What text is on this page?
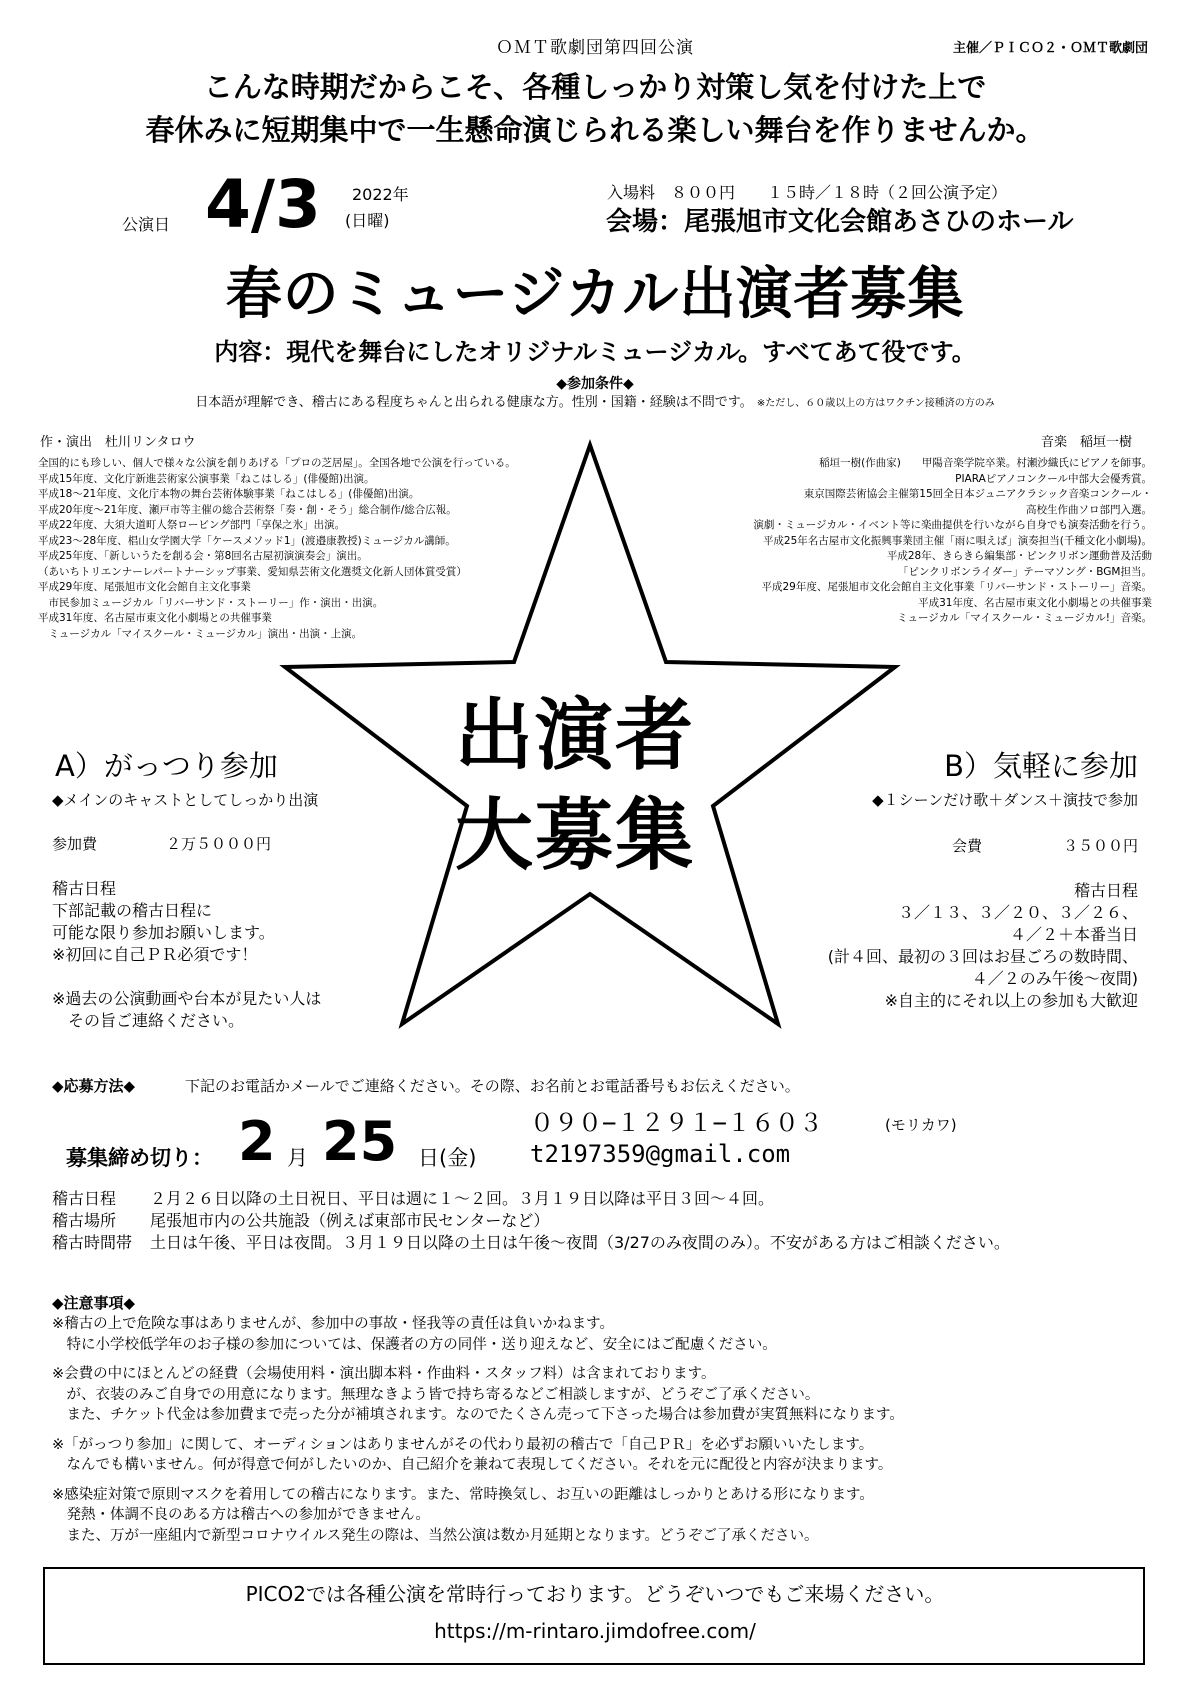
ＯＭＴ歌劇団第四回公演	主催／ＰＩＣＯ２・ＯＭＴ歌劇団
こんな時期だからこそ、各種しっかり対策し気を付けた上で
春休みに短期集中で一生懸命演じられる楽しい舞台を作りませんか。
公演日 4/3 2022年
(日曜)
入場料　８００円　　１５時／１８時（２回公演予定）
会場：尾張旭市文化会館あさひのホール
春のミュージカル出演者募集
内容：現代を舞台にしたオリジナルミュージカル。すべてあて役です。
◆参加条件◆
日本語が理解でき、稽古にある程度ちゃんと出られる健康な方。性別・国籍・経験は不問です。 ※ただし、６０歳以上の方はワクチン接種済の方のみ
作・演出　杜川リンタロウ
全国的にも珍しい、個人で様々な公演を創りあげる「プロの芝居屋」。全国各地で公演を行っている。
平成15年度、文化庁新進芸術家公演事業「ねこはしる」(俳優館)出演。
平成18〜21年度、文化庁本物の舞台芸術体験事業「ねこはしる」(俳優館)出演。
平成20年度〜21年度、瀬戸市等主催の総合芸術祭「奏・創・そう」総合制作/総合広報。
平成22年度、大須大道町人祭ロービング部門「享保之氷」出演。
平成23〜28年度、椙山女学園大学「ケースメソッド1」(渡邉康教授)ミュージカル講師。
平成25年度、「新しいうたを創る会・第8回名古屋初演演奏会」演出。
（あいちトリエンナーレパートナーシップ事業、愛知県芸術文化選奨文化新人団体賞受賞）
平成29年度、尾張旭市文化会館自主文化事業
　市民参加ミュージカル「リバーサンド・ストーリー」作・演出・出演。
平成31年度、名古屋市東文化小劇場との共催事業
　ミュージカル「マイスクール・ミュージカル」演出・出演・上演。
音楽　稲垣一樹
稲垣一樹(作曲家)　　甲陽音楽学院卒業。村瀬沙織氏にピアノを師事。
PIARAピアノコンクール中部大会優秀賞。
東京国際芸術協会主催第15回全日本ジュニアクラシック音楽コンクール・
高校生作曲ソロ部門入選。
演劇・ミュージカル・イベント等に楽曲提供を行いながら自身でも演奏活動を行う。
平成25年名古屋市文化振興事業団主催「雨に唄えば」演奏担当(千種文化小劇場)。
平成28年、きらきら編集部・ピンクリボン運動普及活動
「ピンクリボンライダー」テーマソング・BGM担当。
平成29年度、尾張旭市文化会館自主文化事業「リバーサンド・ストーリー」音楽。
平成31年度、名古屋市東文化小劇場との共催事業
ミュージカル「マイスクール・ミュージカル!」音楽。
出演者
大募集
A）がっつり参加
◆メインのキャストとしてしっかり出演
参加費	２万５０００円
稽古日程
下部記載の稽古日程に
可能な限り参加お願いします。
※初回に自己ＰＲ必須です！

※過去の公演動画や台本が見たい人は
　その旨ご連絡ください。
B）気軽に参加
◆１シーンだけ歌＋ダンス＋演技で参加
会費	３５００円
稽古日程
３／１３、３／２０、３／２６、
４／２＋本番当日
(計４回、最初の３回はお昼ごろの数時間、
４／２のみ午後〜夜間)
※自主的にそれ以上の参加も大歓迎
◆応募方法◆	下記のお電話かメールでご連絡ください。その際、お名前とお電話番号もお伝えください。
募集締め切り： 2 月 25 日(金)
０９０−１２９１−１６０３	(モリカワ)
t2197359@gmail.com
稽古日程 ２月２６日以降の土日祝日、平日は週に１〜２回。３月１９日以降は平日３回〜４回。
稽古場所 尾張旭市内の公共施設（例えば東部市民センターなど）
稽古時間帯 土日は午後、平日は夜間。３月１９日以降の土日は午後〜夜間（3/27のみ夜間のみ）。不安がある方はご相談ください。
◆注意事項◆
※稽古の上で危険な事はありませんが、参加中の事故・怪我等の責任は負いかねます。
　特に小学校低学年のお子様の参加については、保護者の方の同伴・送り迎えなど、安全にはご配慮ください。
※会費の中にほとんどの経費（会場使用料・演出脚本料・作曲料・スタッフ料）は含まれております。
　が、衣装のみご自身での用意になります。無理なきよう皆で持ち寄るなどご相談しますが、どうぞご了承ください。
　また、チケット代金は参加費まで売った分が補填されます。なのでたくさん売って下さった場合は参加費が実質無料になります。
※「がっつり参加」に関して、オーディションはありませんがその代わり最初の稽古で「自己ＰＲ」を必ずお願いいたします。
　なんでも構いません。何が得意で何がしたいのか、自己紹介を兼ねて表現してください。それを元に配役と内容が決まります。
※感染症対策で原則マスクを着用しての稽古になります。また、常時換気し、お互いの距離はしっかりとあける形になります。
　発熱・体調不良のある方は稽古への参加ができません。
　また、万が一座組内で新型コロナウイルス発生の際は、当然公演は数か月延期となります。どうぞご了承ください。
PICO2では各種公演を常時行っております。どうぞいつでもご来場ください。
https://m-rintaro.jimdofree.com/
